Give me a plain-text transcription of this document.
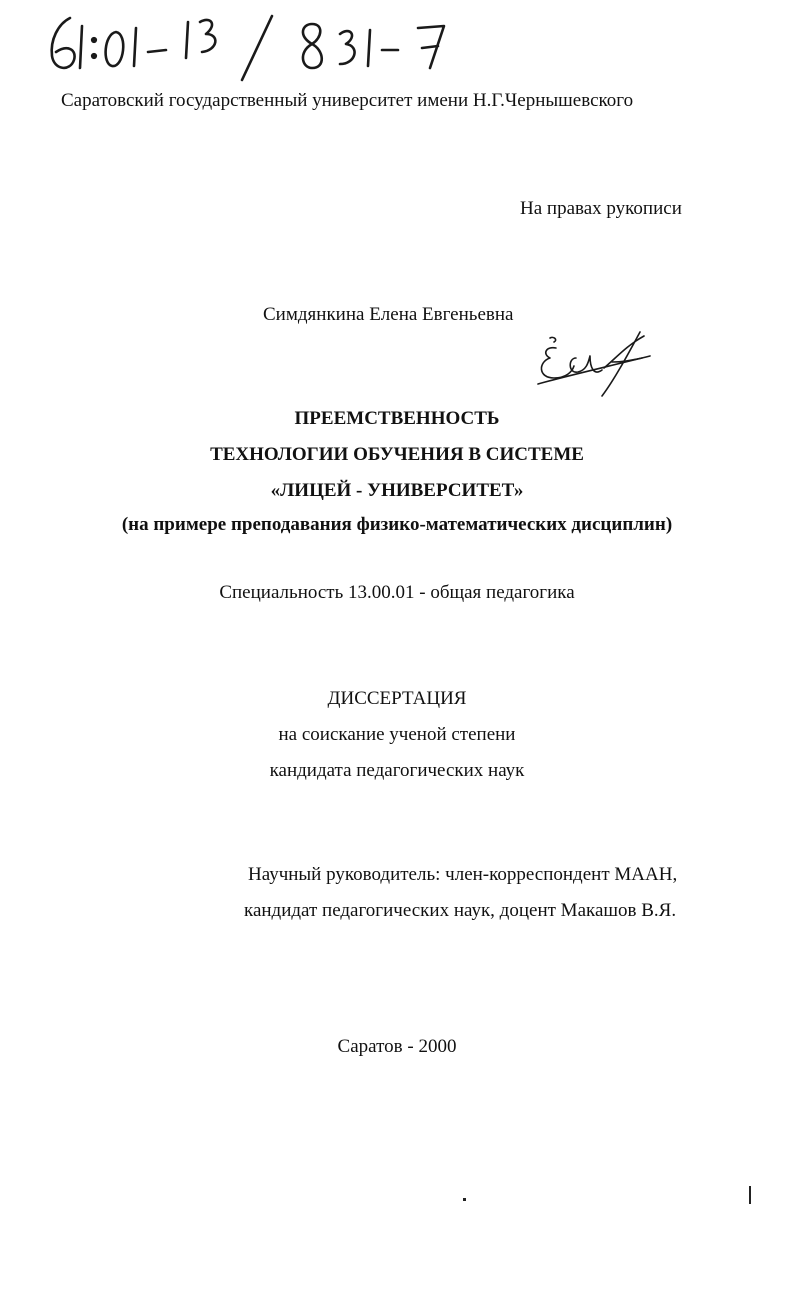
Саратовский государственный университет имени Н.Г.Чернышевского
На правах рукописи
Симдянкина Елена Евгеньевна
ПРЕЕМСТВЕННОСТЬ
ТЕХНОЛОГИИ ОБУЧЕНИЯ В СИСТЕМЕ
«ЛИЦЕЙ - УНИВЕРСИТЕТ»
(на примере преподавания физико-математических дисциплин)
Специальность 13.00.01 - общая педагогика
ДИССЕРТАЦИЯ
на соискание ученой степени
кандидата педагогических наук
Научный руководитель: член-корреспондент МААН,
кандидат педагогических наук, доцент Макашов В.Я.
Саратов - 2000
